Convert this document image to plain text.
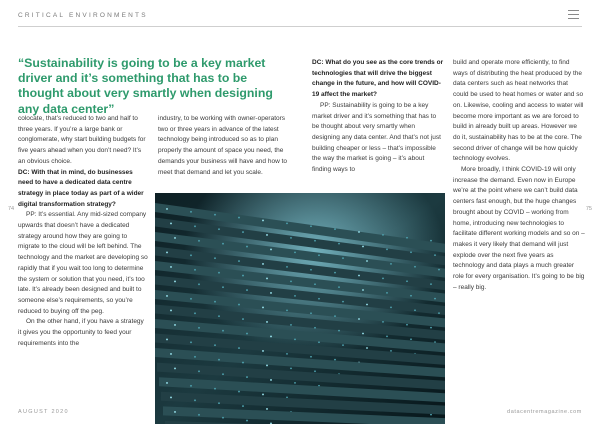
CRITICAL ENVIRONMENTS

“Sustainability is going to be a key market driver and it’s something that has to be thought about very smartly when designing any data center”

colocate, that’s reduced to two and half to three years. If you’re a large bank or conglomerate, why start building budgets for five years ahead when you don’t need? It’s an obvious choice.

DC: With that in mind, do businesses need to have a dedicated data centre strategy in place today as part of a wider digital transformation strategy?

PP: It’s essential. Any mid-sized company upwards that doesn’t have a dedicated strategy around how they are going to migrate to the cloud will be left behind. The technology and the market are developing so rapidly that if you wait too long to determine the system or solution that you need, it’s too late. It’s already been designed and built to someone else’s requirements, so you’re reduced to buying off the peg.

On the other hand, if you have a strategy it gives you the opportunity to feed your requirements into the

industry, to be working with owner-operators two or three years in advance of the latest technology being introduced so as to plan properly the amount of space you need, the demands your business will have and how to meet that demand and let you scale.

DC: What do you see as the core trends or technologies that will drive the biggest change in the future, and how will COVID-19 affect the market?

PP: Sustainability is going to be a key market driver and it’s something that has to be thought about very smartly when designing any data center. And that’s not just building cheaper or less – that’s impossible the way the market is going – it’s about finding ways to

build and operate more efficiently, to find ways of distributing the heat produced by the data centers such as heat networks that could be used to heat homes or water and so on. Likewise, cooling and access to water will become more important as we are forced to build in already built up areas. However we do it, sustainability has to be at the core. The second driver of change will be how quickly technology evolves.

More broadly, I think COVID-19 will only increase the demand. Even now in Europe we’re at the point where we can’t build data centers fast enough, but the huge changes brought about by COVID – working from home, introducing new technologies to facilitate different working models and so on – makes it very likely that demand will just explode over the next five years as technology and data plays a much greater role for every organisation. It’s going to be big – really big.

74	75
AUGUST 2020	datacentremagazine.com
